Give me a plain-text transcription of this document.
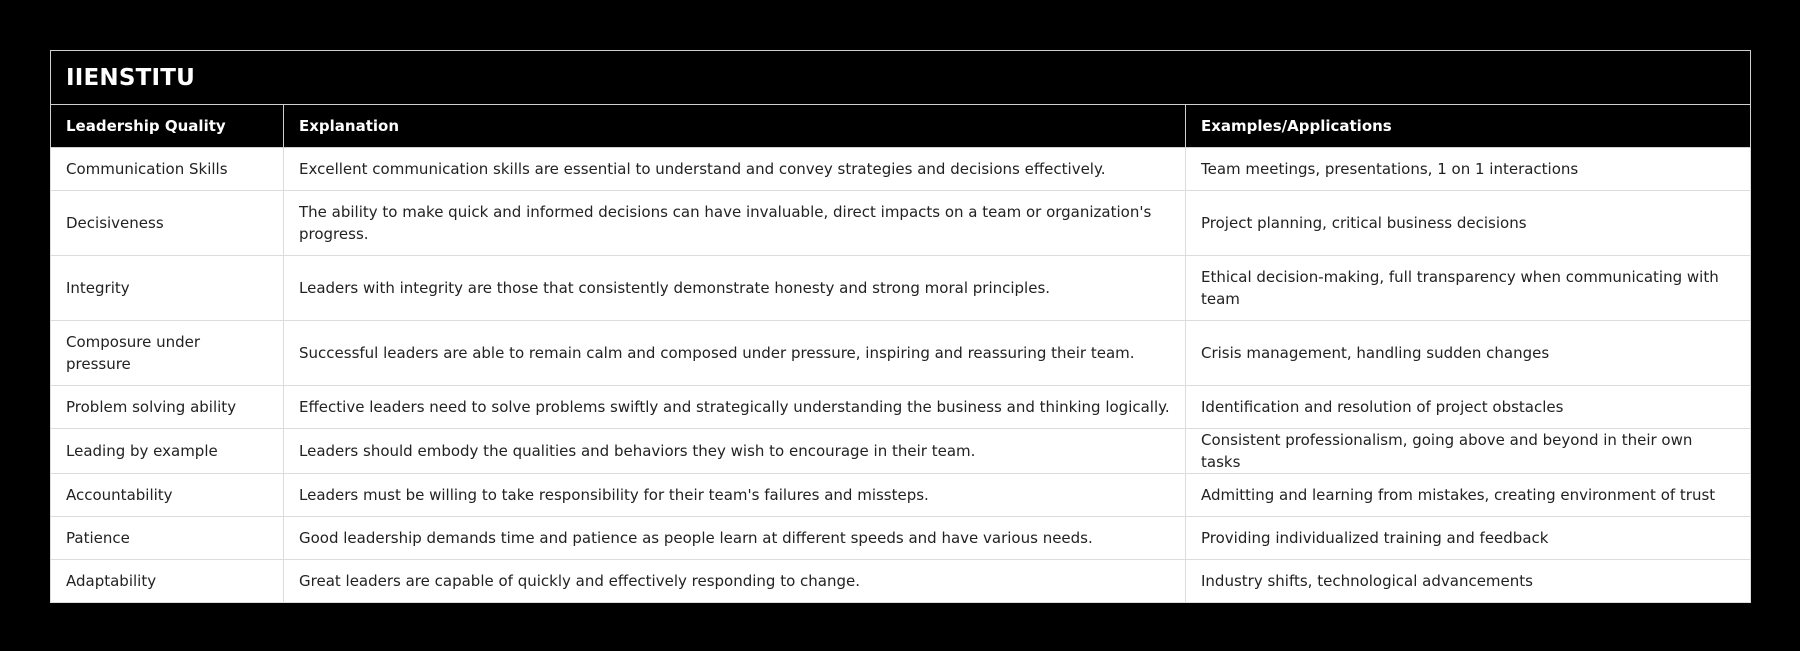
IIENSTITU		
Leadership Quality	Explanation	Examples/Applications
Communication Skills	Excellent communication skills are essential to understand and convey strategies and decisions effectively.	Team meetings, presentations, 1 on 1 interactions
Decisiveness	The ability to make quick and informed decisions can have invaluable, direct impacts on a team or organization's progress.	Project planning, critical business decisions
Integrity	Leaders with integrity are those that consistently demonstrate honesty and strong moral principles.	Ethical decision-making, full transparency when communicating with team
Composure under pressure	Successful leaders are able to remain calm and composed under pressure, inspiring and reassuring their team.	Crisis management, handling sudden changes
Problem solving ability	Effective leaders need to solve problems swiftly and strategically understanding the business and thinking logically.	Identification and resolution of project obstacles
Leading by example	Leaders should embody the qualities and behaviors they wish to encourage in their team.	Consistent professionalism, going above and beyond in their own tasks
Accountability	Leaders must be willing to take responsibility for their team's failures and missteps.	Admitting and learning from mistakes, creating environment of trust
Patience	Good leadership demands time and patience as people learn at different speeds and have various needs.	Providing individualized training and feedback
Adaptability	Great leaders are capable of quickly and effectively responding to change.	Industry shifts, technological advancements
